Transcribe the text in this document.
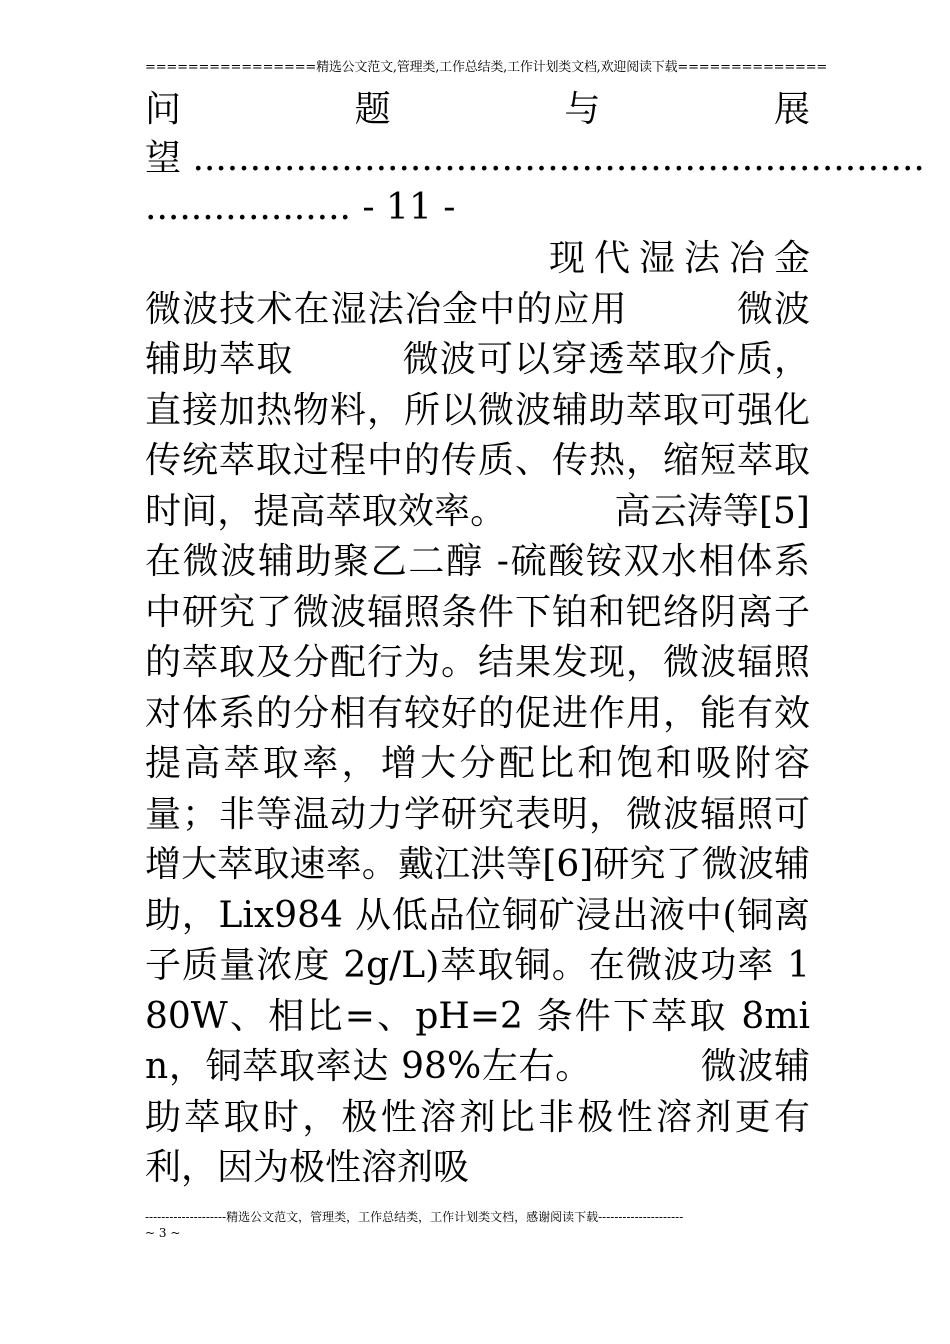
================精选公文范文,管理类,工作总结类,工作计划类文档,欢迎阅读下载==============
问	题	与	展
望 ................................................................
.................. - 11 -
现代湿法冶金
微波技术在湿法冶金中的应用	微波辅助萃取	微波可以穿透萃取介质，直接加热物料，所以微波辅助萃取可强化传统萃取过程中的传质、传热，缩短萃取时间，提高萃取效率。	高云涛等[5]在微波辅助聚乙二醇 -硫酸铵双水相体系中研究了微波辐照条件下铂和钯络阴离子的萃取及分配行为。结果发现，微波辐照对体系的分相有较好的促进作用，能有效提高萃取率，增大分配比和饱和吸附容量；非等温动力学研究表明，微波辐照可增大萃取速率。戴江洪等[6]研究了微波辅助，Lix984 从低品位铜矿浸出液中(铜离子质量浓度 2g/L)萃取铜。在微波功率 180W、相比=、pH=2 条件下萃取 8min，铜萃取率达 98%左右。	微波辅助萃取时，极性溶剂比非极性溶剂更有利，因为极性溶剂吸
--------------------精选公文范文，管理类，工作总结类，工作计划类文档，感谢阅读下载---------------------
~ 3 ~
